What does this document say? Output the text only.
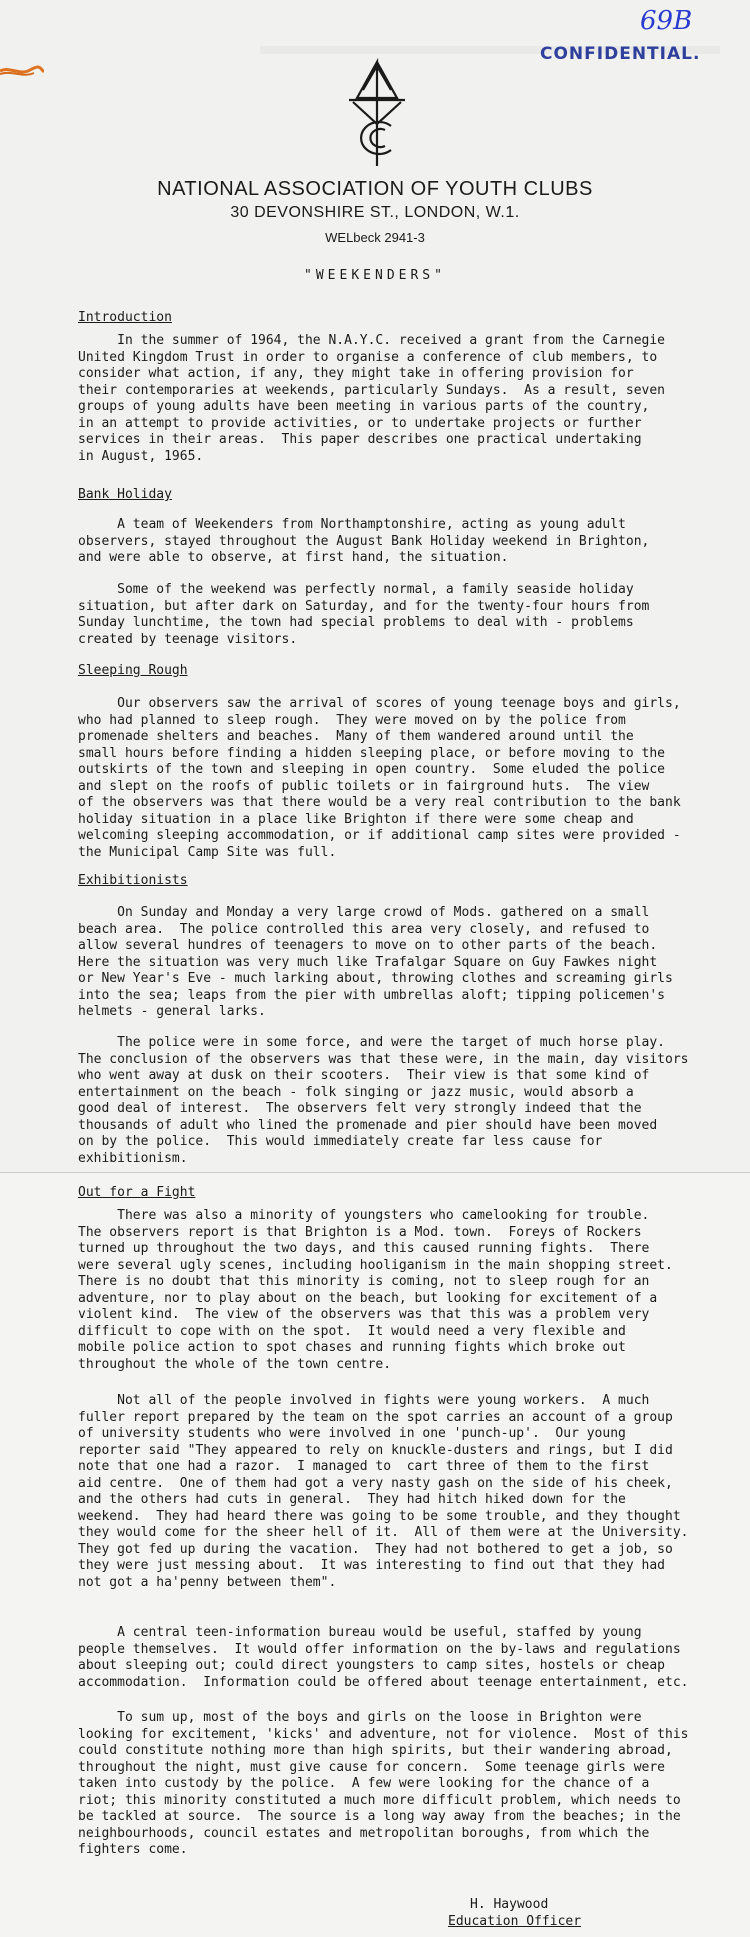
69B
CONFIDENTIAL.
NATIONAL ASSOCIATION OF YOUTH CLUBS
30 DEVONSHIRE ST., LONDON, W.1.
WELbeck 2941-3
"WEEKENDERS"
Introduction
In the summer of 1964, the N.A.Y.C. received a grant from the Carnegie
United Kingdom Trust in order to organise a conference of club members, to
consider what action, if any, they might take in offering provision for
their contemporaries at weekends, particularly Sundays.  As a result, seven
groups of young adults have been meeting in various parts of the country,
in an attempt to provide activities, or to undertake projects or further
services in their areas.  This paper describes one practical undertaking
in August, 1965.
Bank Holiday
A team of Weekenders from Northamptonshire, acting as young adult
observers, stayed throughout the August Bank Holiday weekend in Brighton,
and were able to observe, at first hand, the situation.
Some of the weekend was perfectly normal, a family seaside holiday
situation, but after dark on Saturday, and for the twenty-four hours from
Sunday lunchtime, the town had special problems to deal with - problems
created by teenage visitors.
Sleeping Rough
Our observers saw the arrival of scores of young teenage boys and girls,
who had planned to sleep rough.  They were moved on by the police from
promenade shelters and beaches.  Many of them wandered around until the
small hours before finding a hidden sleeping place, or before moving to the
outskirts of the town and sleeping in open country.  Some eluded the police
and slept on the roofs of public toilets or in fairground huts.  The view
of the observers was that there would be a very real contribution to the bank
holiday situation in a place like Brighton if there were some cheap and
welcoming sleeping accommodation, or if additional camp sites were provided -
the Municipal Camp Site was full.
Exhibitionists
On Sunday and Monday a very large crowd of Mods. gathered on a small
beach area.  The police controlled this area very closely, and refused to
allow several hundres of teenagers to move on to other parts of the beach.
Here the situation was very much like Trafalgar Square on Guy Fawkes night
or New Year's Eve - much larking about, throwing clothes and screaming girls
into the sea; leaps from the pier with umbrellas aloft; tipping policemen's
helmets - general larks.
The police were in some force, and were the target of much horse play.
The conclusion of the observers was that these were, in the main, day visitors
who went away at dusk on their scooters.  Their view is that some kind of
entertainment on the beach - folk singing or jazz music, would absorb a
good deal of interest.  The observers felt very strongly indeed that the
thousands of adult who lined the promenade and pier should have been moved
on by the police.  This would immediately create far less cause for
exhibitionism.
Out for a Fight
There was also a minority of youngsters who camelooking for trouble.
The observers report is that Brighton is a Mod. town.  Foreys of Rockers
turned up throughout the two days, and this caused running fights.  There
were several ugly scenes, including hooliganism in the main shopping street.
There is no doubt that this minority is coming, not to sleep rough for an
adventure, nor to play about on the beach, but looking for excitement of a
violent kind.  The view of the observers was that this was a problem very
difficult to cope with on the spot.  It would need a very flexible and
mobile police action to spot chases and running fights which broke out
throughout the whole of the town centre.
Not all of the people involved in fights were young workers.  A much
fuller report prepared by the team on the spot carries an account of a group
of university students who were involved in one 'punch-up'.  Our young
reporter said "They appeared to rely on knuckle-dusters and rings, but I did
note that one had a razor.  I managed to  cart three of them to the first
aid centre.  One of them had got a very nasty gash on the side of his cheek,
and the others had cuts in general.  They had hitch hiked down for the
weekend.  They had heard there was going to be some trouble, and they thought
they would come for the sheer hell of it.  All of them were at the University.
They got fed up during the vacation.  They had not bothered to get a job, so
they were just messing about.  It was interesting to find out that they had
not got a ha'penny between them".
A central teen-information bureau would be useful, staffed by young
people themselves.  It would offer information on the by-laws and regulations
about sleeping out; could direct youngsters to camp sites, hostels or cheap
accommodation.  Information could be offered about teenage entertainment, etc.
To sum up, most of the boys and girls on the loose in Brighton were
looking for excitement, 'kicks' and adventure, not for violence.  Most of this
could constitute nothing more than high spirits, but their wandering abroad,
throughout the night, must give cause for concern.  Some teenage girls were
taken into custody by the police.  A few were looking for the chance of a
riot; this minority constituted a much more difficult problem, which needs to
be tackled at source.  The source is a long way away from the beaches; in the
neighbourhoods, council estates and metropolitan boroughs, from which the
fighters come.
H. Haywood
Education Officer
